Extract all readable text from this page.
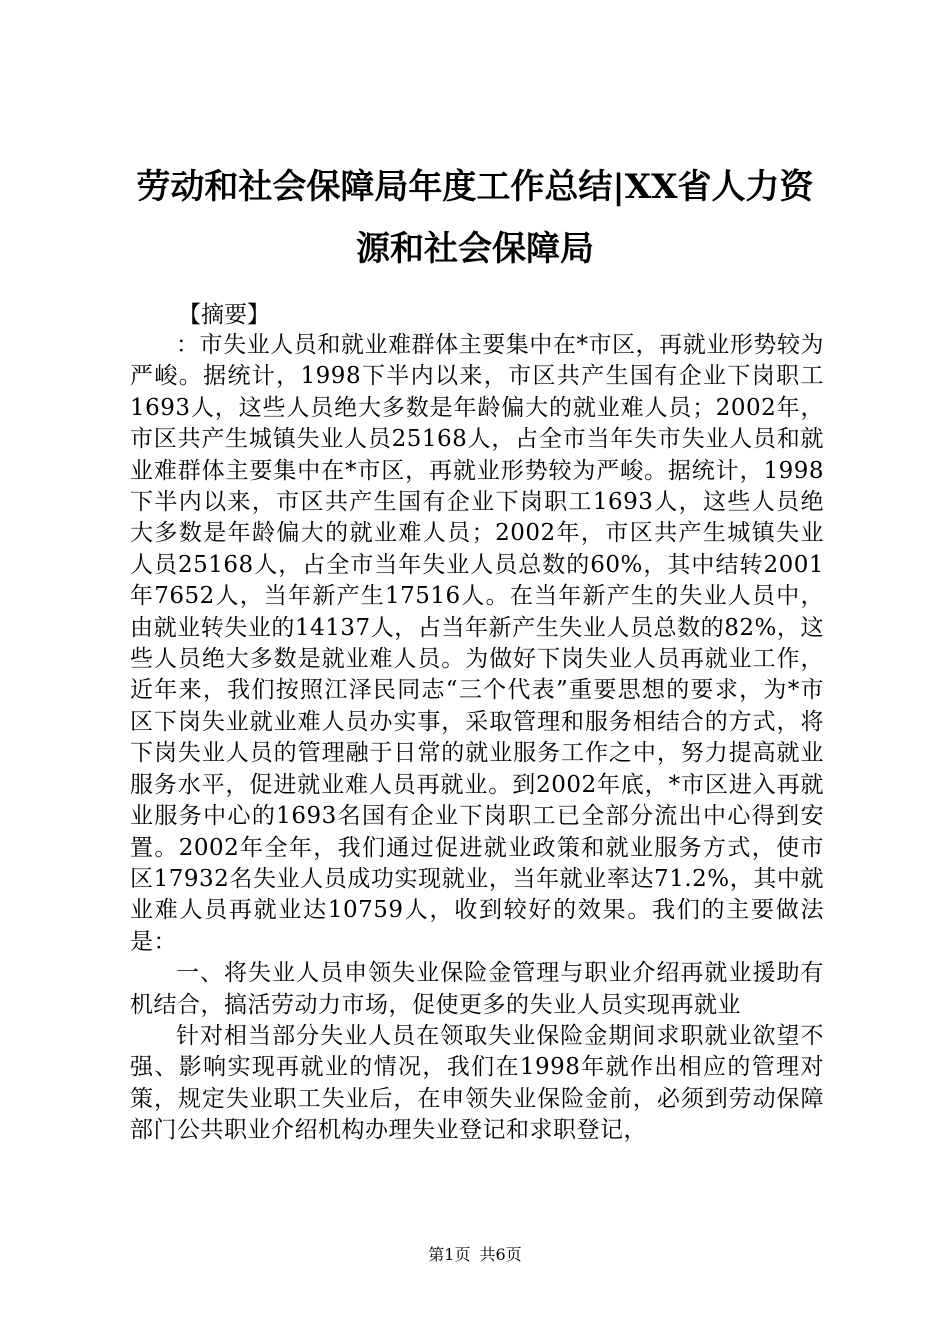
劳动和社会保障局年度工作总结|XX省人力资
源和社会保障局

【摘要】

：市失业人员和就业难群体主要集中在*市区，再就业形势较为严峻。据统计，1998下半内以来，市区共产生国有企业下岗职工1693人，这些人员绝大多数是年龄偏大的就业难人员；2002年，市区共产生城镇失业人员25168人，占全市当年失市失业人员和就业难群体主要集中在*市区，再就业形势较为严峻。据统计，1998下半内以来，市区共产生国有企业下岗职工1693人，这些人员绝大多数是年龄偏大的就业难人员；2002年，市区共产生城镇失业人员25168人，占全市当年失业人员总数的60%，其中结转2001年7652人，当年新产生17516人。在当年新产生的失业人员中，由就业转失业的14137人，占当年新产生失业人员总数的82%，这些人员绝大多数是就业难人员。为做好下岗失业人员再就业工作，近年来，我们按照江泽民同志“三个代表”重要思想的要求，为*市区下岗失业就业难人员办实事，采取管理和服务相结合的方式，将下岗失业人员的管理融于日常的就业服务工作之中，努力提高就业服务水平，促进就业难人员再就业。到2002年底，*市区进入再就业服务中心的1693名国有企业下岗职工已全部分流出中心得到安置。2002年全年，我们通过促进就业政策和就业服务方式，使市区17932名失业人员成功实现就业，当年就业率达71.2%，其中就业难人员再就业达10759人，收到较好的效果。我们的主要做法是：

一、将失业人员申领失业保险金管理与职业介绍再就业援助有机结合，搞活劳动力市场，促使更多的失业人员实现再就业

针对相当部分失业人员在领取失业保险金期间求职就业欲望不强、影响实现再就业的情况，我们在1998年就作出相应的管理对策，规定失业职工失业后，在申领失业保险金前，必须到劳动保障部门公共职业介绍机构办理失业登记和求职登记，

第1页 共6页
